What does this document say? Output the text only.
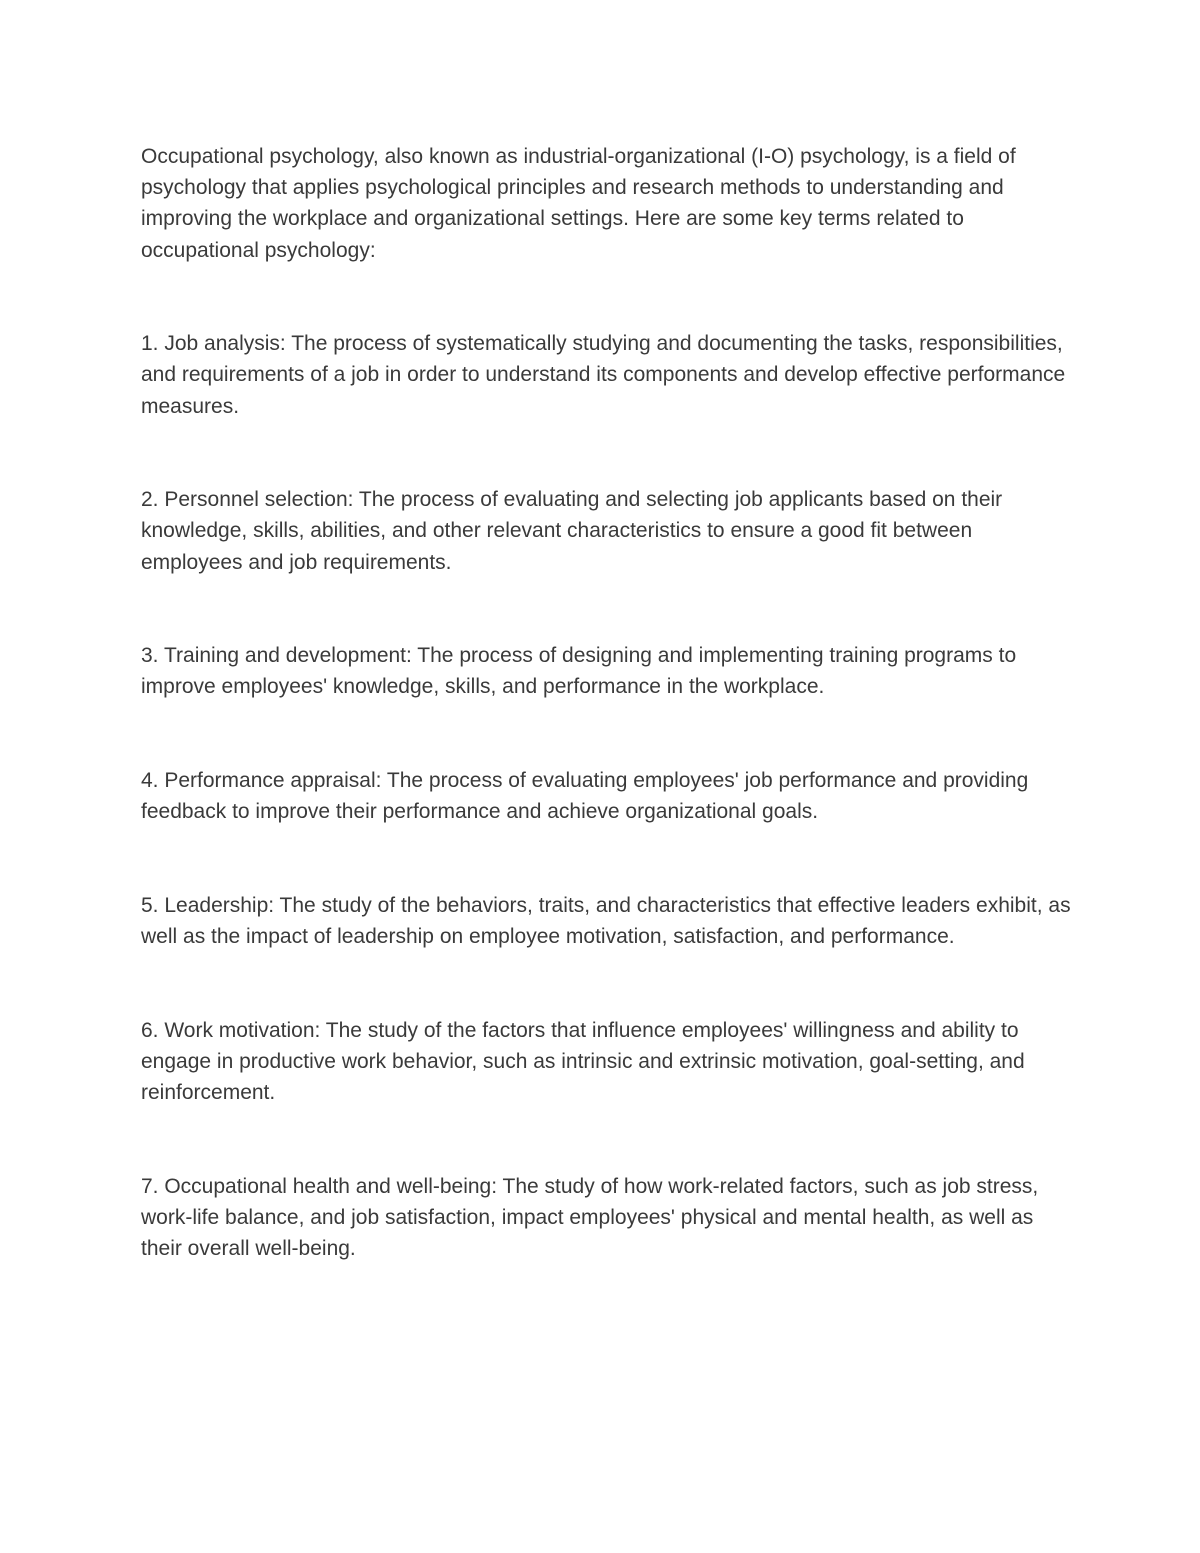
Occupational psychology, also known as industrial-organizational (I-O) psychology, is a field of psychology that applies psychological principles and research methods to understanding and improving the workplace and organizational settings. Here are some key terms related to occupational psychology:

1. Job analysis: The process of systematically studying and documenting the tasks, responsibilities, and requirements of a job in order to understand its components and develop effective performance measures.

2. Personnel selection: The process of evaluating and selecting job applicants based on their knowledge, skills, abilities, and other relevant characteristics to ensure a good fit between employees and job requirements.

3. Training and development: The process of designing and implementing training programs to improve employees' knowledge, skills, and performance in the workplace.

4. Performance appraisal: The process of evaluating employees' job performance and providing feedback to improve their performance and achieve organizational goals.

5. Leadership: The study of the behaviors, traits, and characteristics that effective leaders exhibit, as well as the impact of leadership on employee motivation, satisfaction, and performance.

6. Work motivation: The study of the factors that influence employees' willingness and ability to engage in productive work behavior, such as intrinsic and extrinsic motivation, goal-setting, and reinforcement.

7. Occupational health and well-being: The study of how work-related factors, such as job stress, work-life balance, and job satisfaction, impact employees' physical and mental health, as well as their overall well-being.
